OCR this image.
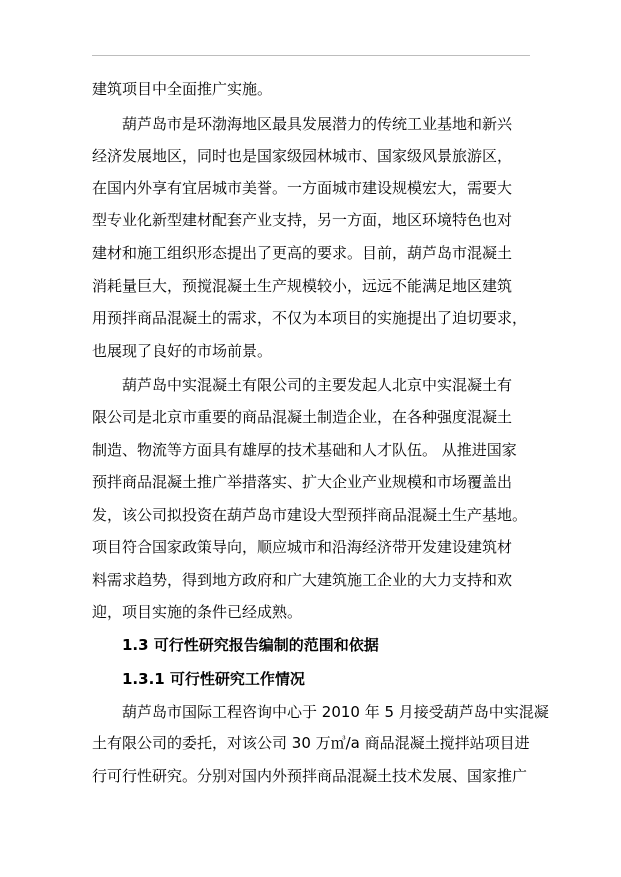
建筑项目中全面推广实施。

葫芦岛市是环渤海地区最具发展潜力的传统工业基地和新兴

经济发展地区，同时也是国家级园林城市、国家级风景旅游区，

在国内外享有宜居城市美誉。一方面城市建设规模宏大，需要大

型专业化新型建材配套产业支持，另一方面，地区环境特色也对

建材和施工组织形态提出了更高的要求。目前，葫芦岛市混凝土

消耗量巨大，预搅混凝土生产规模较小，远远不能满足地区建筑

用预拌商品混凝土的需求，不仅为本项目的实施提出了迫切要求，

也展现了良好的市场前景。

葫芦岛中实混凝土有限公司的主要发起人北京中实混凝土有

限公司是北京市重要的商品混凝土制造企业，在各种强度混凝土

制造、物流等方面具有雄厚的技术基础和人才队伍。 从推进国家

预拌商品混凝土推广举措落实、扩大企业产业规模和市场覆盖出

发，该公司拟投资在葫芦岛市建设大型预拌商品混凝土生产基地。

项目符合国家政策导向，顺应城市和沿海经济带开发建设建筑材

料需求趋势，得到地方政府和广大建筑施工企业的大力支持和欢

迎，项目实施的条件已经成熟。

1.3 可行性研究报告编制的范围和依据

1.3.1 可行性研究工作情况

葫芦岛市国际工程咨询中心于 2010 年 5 月接受葫芦岛中实混凝

土有限公司的委托，对该公司 30 万㎥/a 商品混凝土搅拌站项目进

行可行性研究。分别对国内外预拌商品混凝土技术发展、国家推广
